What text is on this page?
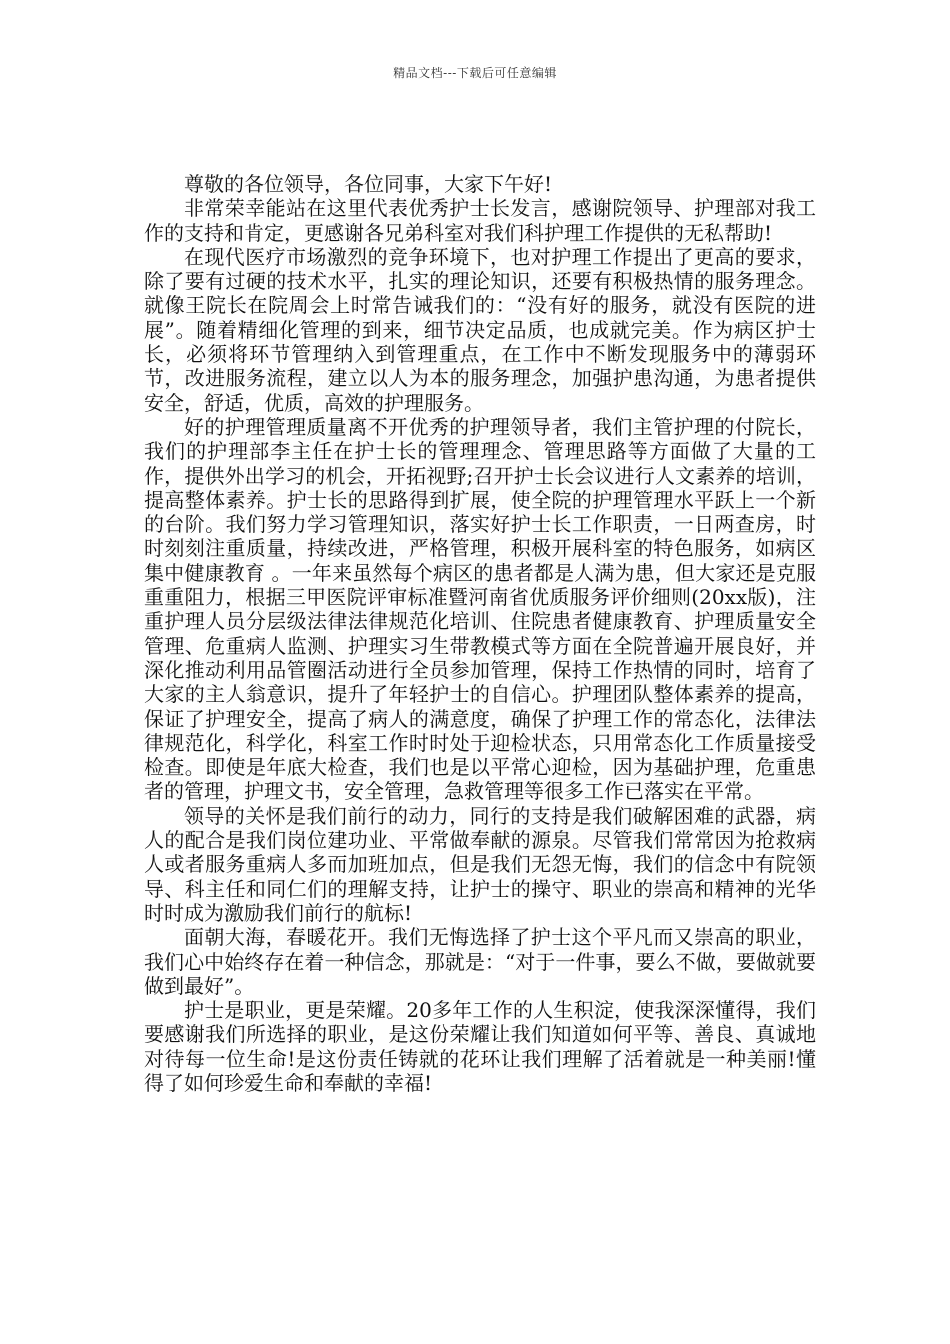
精品文档---下载后可任意编辑

尊敬的各位领导，各位同事，大家下午好!

非常荣幸能站在这里代表优秀护士长发言，感谢院领导、护理部对我工作的支持和肯定，更感谢各兄弟科室对我们科护理工作提供的无私帮助!

在现代医疗市场激烈的竞争环境下，也对护理工作提出了更高的要求，除了要有过硬的技术水平，扎实的理论知识，还要有积极热情的服务理念。就像王院长在院周会上时常告诫我们的：“没有好的服务，就没有医院的进展”。随着精细化管理的到来，细节决定品质，也成就完美。作为病区护士长，必须将环节管理纳入到管理重点，在工作中不断发现服务中的薄弱环节，改进服务流程，建立以人为本的服务理念，加强护患沟通，为患者提供安全，舒适，优质，高效的护理服务。

好的护理管理质量离不开优秀的护理领导者，我们主管护理的付院长，我们的护理部李主任在护士长的管理理念、管理思路等方面做了大量的工作，提供外出学习的机会，开拓视野;召开护士长会议进行人文素养的培训，提高整体素养。护士长的思路得到扩展，使全院的护理管理水平跃上一个新的台阶。我们努力学习管理知识，落实好护士长工作职责，一日两查房，时时刻刻注重质量，持续改进，严格管理，积极开展科室的特色服务，如病区集中健康教育 。一年来虽然每个病区的患者都是人满为患，但大家还是克服重重阻力，根据三甲医院评审标准暨河南省优质服务评价细则(20xx版)，注重护理人员分层级法律法律规范化培训、住院患者健康教育、护理质量安全管理、危重病人监测、护理实习生带教模式等方面在全院普遍开展良好，并深化推动利用品管圈活动进行全员参加管理，保持工作热情的同时，培育了大家的主人翁意识，提升了年轻护士的自信心。护理团队整体素养的提高，保证了护理安全，提高了病人的满意度，确保了护理工作的常态化，法律法律规范化，科学化，科室工作时时处于迎检状态，只用常态化工作质量接受检查。即使是年底大检查，我们也是以平常心迎检，因为基础护理，危重患者的管理，护理文书，安全管理，急救管理等很多工作已落实在平常。

领导的关怀是我们前行的动力，同行的支持是我们破解困难的武器，病人的配合是我们岗位建功业、平常做奉献的源泉。尽管我们常常因为抢救病人或者服务重病人多而加班加点，但是我们无怨无悔，我们的信念中有院领导、科主任和同仁们的理解支持，让护士的操守、职业的崇高和精神的光华时时成为激励我们前行的航标!

面朝大海，春暖花开。我们无悔选择了护士这个平凡而又崇高的职业，我们心中始终存在着一种信念，那就是：“对于一件事，要么不做，要做就要做到最好”。

护士是职业，更是荣耀。20多年工作的人生积淀，使我深深懂得，我们要感谢我们所选择的职业，是这份荣耀让我们知道如何平等、善良、真诚地对待每一位生命!是这份责任铸就的花环让我们理解了活着就是一种美丽!懂得了如何珍爱生命和奉献的幸福!
